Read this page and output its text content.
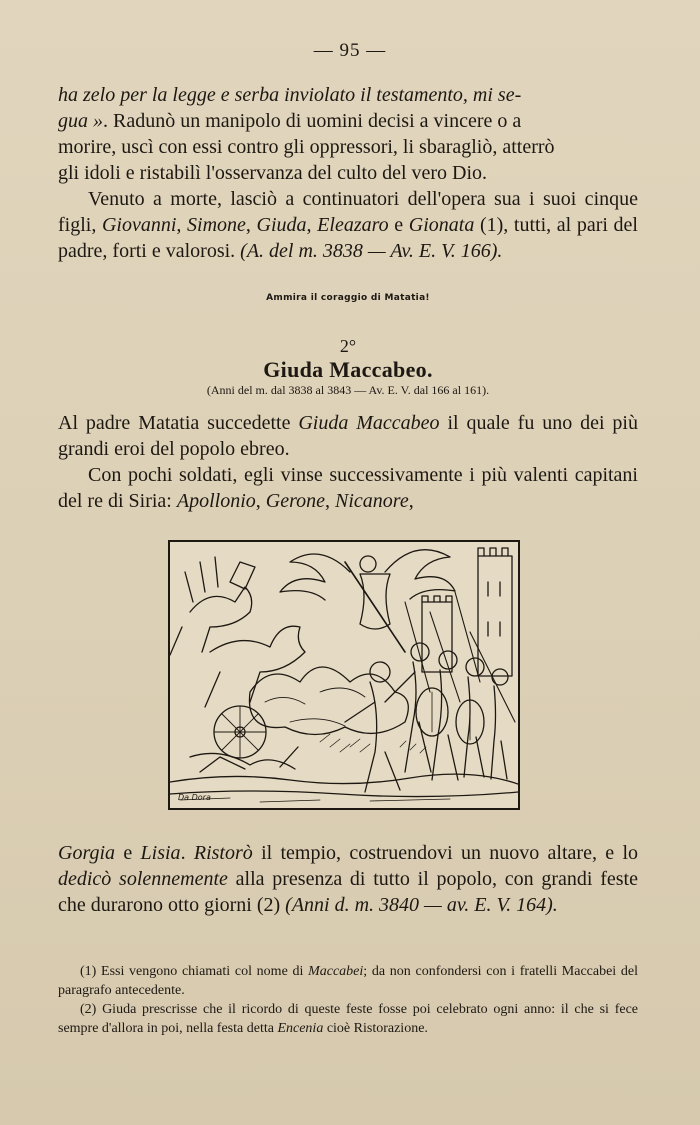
— 95 —

ha zelo per la legge e serba inviolato il testamento, mi se-

gua ». Radunò un manipolo di uomini decisi a vincere o a

morire, uscì con essi contro gli oppressori, li sbaragliò, atterrò

gli idoli e ristabilì l'osservanza del culto del vero Dio.

Venuto a morte, lasciò a continuatori dell'opera sua i suoi cinque figli, Giovanni, Simone, Giuda, Eleazaro e Gionata (1), tutti, al pari del padre, forti e valorosi. (A. del m. 3838 — Av. E. V. 166).

Ammira il coraggio di Matatia!
2°
Giuda Maccabeo.
(Anni del m. dal 3838 al 3843 — Av. E. V. dal 166 al 161).

Al padre Matatia succedette Giuda Maccabeo il quale fu uno dei più grandi eroi del popolo ebreo.

Con pochi soldati, egli vinse successivamente i più valenti capitani del re di Siria: Apollonio, Gerone, Nicanore,

Da Dora

Gorgia e Lisia. Ristorò il tempio, costruendovi un nuovo altare, e lo dedicò solennemente alla presenza di tutto il popolo, con grandi feste che durarono otto giorni (2) (Anni d. m. 3840 — av. E. V. 164).

(1) Essi vengono chiamati col nome di Maccabei; da non confondersi con i fratelli Maccabei del paragrafo antecedente.

(2) Giuda prescrisse che il ricordo di queste feste fosse poi celebrato ogni anno: il che si fece sempre d'allora in poi, nella festa detta Encenia cioè Ristorazione.
